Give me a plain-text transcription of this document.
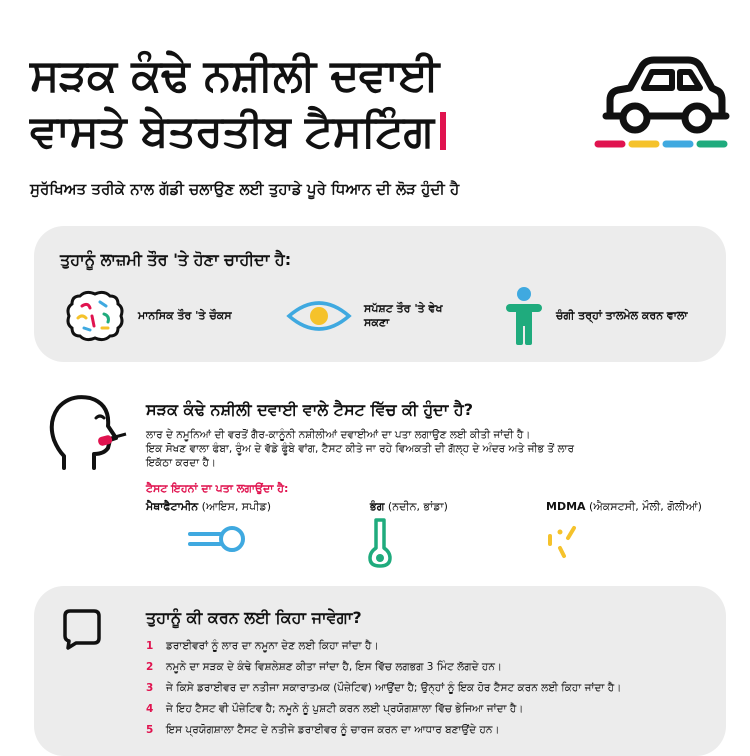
ਸੜਕ ਕੰਢੇ ਨਸ਼ੀਲੀ ਦਵਾਈ
ਵਾਸਤੇ ਬੇਤਰਤੀਬ ਟੈਸਟਿੰਗ
ਸੁਰੱਖਿਅਤ ਤਰੀਕੇ ਨਾਲ ਗੱਡੀ ਚਲਾਉਣ ਲਈ ਤੁਹਾਡੇ ਪੂਰੇ ਧਿਆਨ ਦੀ ਲੋੜ ਹੁੰਦੀ ਹੈ
ਤੁਹਾਨੂੰ ਲਾਜ਼ਮੀ ਤੌਰ 'ਤੇ ਹੋਣਾ ਚਾਹੀਦਾ ਹੈ:
ਮਾਨਸਿਕ ਤੌਰ 'ਤੇ ਚੌਕਸ
ਸਪੱਸ਼ਟ ਤੌਰ 'ਤੇ ਵੇਖ
ਸਕਣਾ
ਚੰਗੀ ਤਰ੍ਹਾਂ ਤਾਲਮੇਲ ਕਰਨ ਵਾਲਾ
ਸੜਕ ਕੰਢੇ ਨਸ਼ੀਲੀ ਦਵਾਈ ਵਾਲੇ ਟੈਸਟ ਵਿੱਚ ਕੀ ਹੁੰਦਾ ਹੈ?
ਲਾਰ ਦੇ ਨਮੂਨਿਆਂ ਦੀ ਵਰਤੋਂ ਗੈਰ-ਕਾਨੂੰਨੀ ਨਸ਼ੀਲੀਆਂ ਦਵਾਈਆਂ ਦਾ ਪਤਾ ਲਗਾਉਣ ਲਈ ਕੀਤੀ ਜਾਂਦੀ ਹੈ।
ਇਕ ਸੋਖਣ ਵਾਲਾ ਫੰਬਾ, ਰੂੰਅ ਦੇ ਵੱਡੇ ਫੂੰਬੇ ਵਾਂਗ, ਟੈਸਟ ਕੀਤੇ ਜਾ ਰਹੇ ਵਿਅਕਤੀ ਦੀ ਗੱਲ੍ਹ ਦੇ ਅੰਦਰ ਅਤੇ ਜੀਭ ਤੋਂ ਲਾਰ
ਇਕੱਠਾ ਕਰਦਾ ਹੈ।
ਟੈਸਟ ਇਹਨਾਂ ਦਾ ਪਤਾ ਲਗਾਉਂਦਾ ਹੈ:
ਮੈਥਾਫੈਟਾਮੀਨ (ਆਇਸ, ਸਪੀਡ)	ਭੰਗ (ਨਦੀਨ, ਭਾਂਡਾ)	MDMA (ਐਕਸਟਸੀ, ਮੌਲੀ, ਗੋਲੀਆਂ)
ਤੁਹਾਨੂੰ ਕੀ ਕਰਨ ਲਈ ਕਿਹਾ ਜਾਵੇਗਾ?
1	ਡਰਾਈਵਰਾਂ ਨੂੰ ਲਾਰ ਦਾ ਨਮੂਨਾ ਦੇਣ ਲਈ ਕਿਹਾ ਜਾਂਦਾ ਹੈ।
2	ਨਮੂਨੇ ਦਾ ਸੜਕ ਦੇ ਕੰਢੇ ਵਿਸ਼ਲੇਸ਼ਣ ਕੀਤਾ ਜਾਂਦਾ ਹੈ, ਇਸ ਵਿੱਚ ਲਗਭਗ 3 ਮਿੰਟ ਲੱਗਦੇ ਹਨ।
3	ਜੇ ਕਿਸੇ ਡਰਾਈਵਰ ਦਾ ਨਤੀਜਾ ਸਕਾਰਾਤਮਕ (ਪੌਜ਼ੇਟਿਵ) ਆਉਂਦਾ ਹੈ; ਉਨ੍ਹਾਂ ਨੂੰ ਇਕ ਹੋਰ ਟੈਸਟ ਕਰਨ ਲਈ ਕਿਹਾ ਜਾਂਦਾ ਹੈ।
4	ਜੇ ਇਹ ਟੈਸਟ ਵੀ ਪੌਜ਼ੇਟਿਵ ਹੈ; ਨਮੂਨੇ ਨੂੰ ਪੁਸ਼ਟੀ ਕਰਨ ਲਈ ਪ੍ਰਯੋਗਸ਼ਾਲਾ ਵਿੱਚ ਭੇਜਿਆ ਜਾਂਦਾ ਹੈ।
5	ਇਸ ਪ੍ਰਯੋਗਸ਼ਾਲਾ ਟੈਸਟ ਦੇ ਨਤੀਜੇ ਡਰਾਈਵਰ ਨੂੰ ਚਾਰਜ ਕਰਨ ਦਾ ਆਧਾਰ ਬਣਾਉਂਦੇ ਹਨ।
